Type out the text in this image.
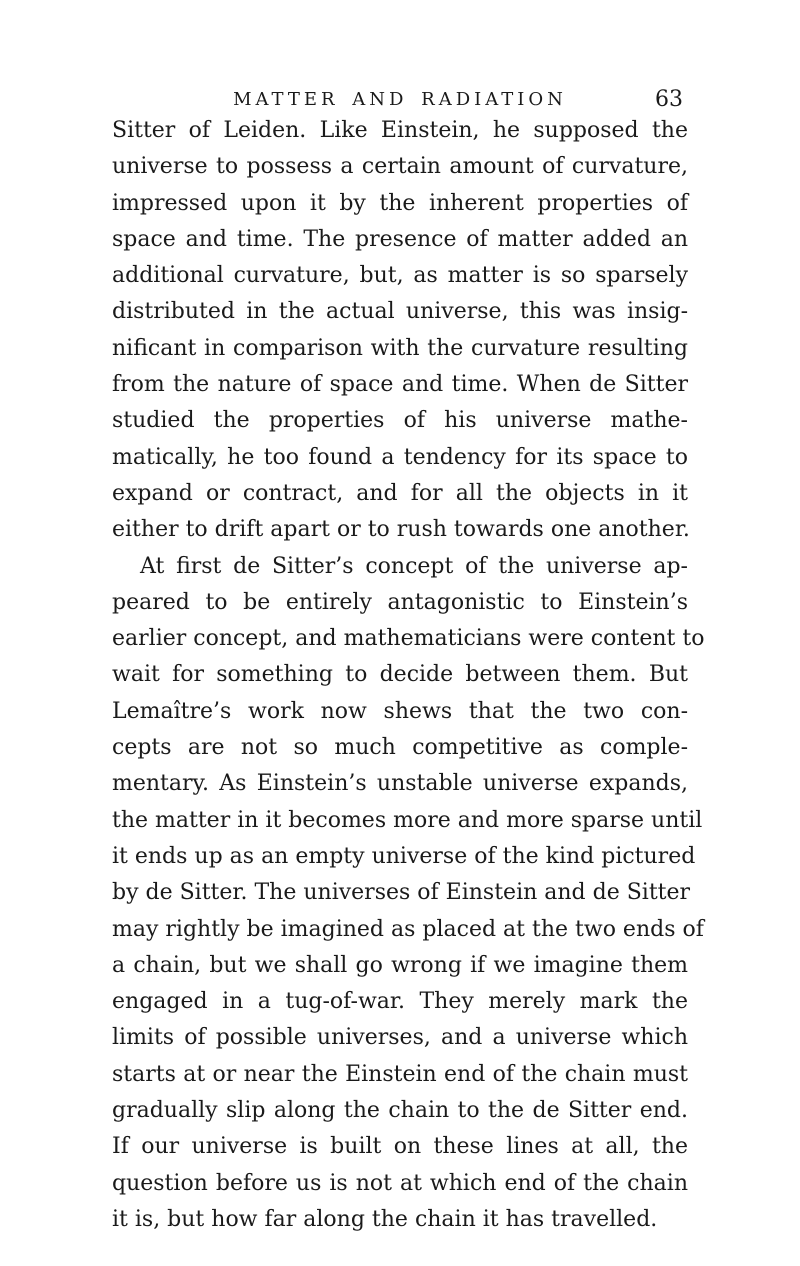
MATTER AND RADIATION	63
Sitter of Leiden. Like Einstein, he supposed the
universe to possess a certain amount of curvature,
impressed upon it by the inherent properties of
space and time. The presence of matter added an
additional curvature, but, as matter is so sparsely
distributed in the actual universe, this was insig-
nificant in comparison with the curvature resulting
from the nature of space and time. When de Sitter
studied the properties of his universe mathe-
matically, he too found a tendency for its space to
expand or contract, and for all the objects in it
either to drift apart or to rush towards one another.
At first de Sitter’s concept of the universe ap-
peared to be entirely antagonistic to Einstein’s
earlier concept, and mathematicians were content to
wait for something to decide between them. But
Lemaître’s work now shews that the two con-
cepts are not so much competitive as comple-
mentary. As Einstein’s unstable universe expands,
the matter in it becomes more and more sparse until
it ends up as an empty universe of the kind pictured
by de Sitter. The universes of Einstein and de Sitter
may rightly be imagined as placed at the two ends of
a chain, but we shall go wrong if we imagine them
engaged in a tug-of-war. They merely mark the
limits of possible universes, and a universe which
starts at or near the Einstein end of the chain must
gradually slip along the chain to the de Sitter end.
If our universe is built on these lines at all, the
question before us is not at which end of the chain
it is, but how far along the chain it has travelled.
